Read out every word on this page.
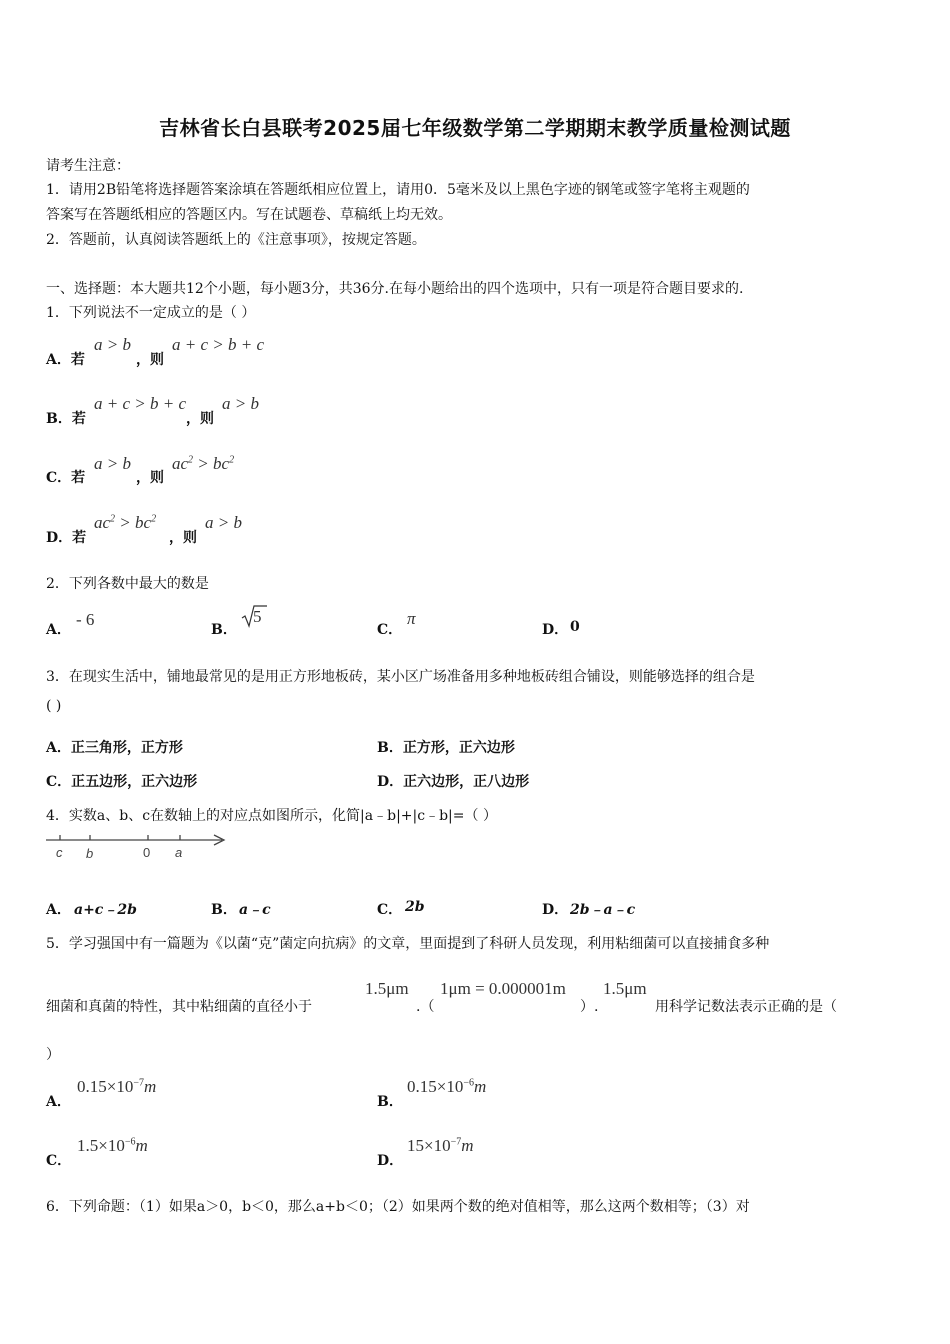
吉林省长白县联考2025届七年级数学第二学期期末教学质量检测试题
请考生注意：
1．请用2B铅笔将选择题答案涂填在答题纸相应位置上，请用0．5毫米及以上黑色字迹的钢笔或签字笔将主观题的
答案写在答题纸相应的答题区内。写在试题卷、草稿纸上均无效。
2．答题前，认真阅读答题纸上的《注意事项》，按规定答题。
一、选择题：本大题共12个小题，每小题3分，共36分.在每小题给出的四个选项中，只有一项是符合题目要求的.
1．下列说法不一定成立的是（ ）
A．若
a > b
，则
a + c > b + c
B．若
a + c > b + c
，则
a > b
C．若
a > b
，则
$ac^2 > bc^2$
D．若
$ac^2 > bc^2$
，则
a > b
2．下列各数中最大的数是
A．
- 6
B．
5
C．
π
D． 0
3．在现实生活中，铺地最常见的是用正方形地板砖，某小区广场准备用多种地板砖组合铺设，则能够选择的组合是
( )
A．正三角形，正方形	B．正方形，正六边形
C．正五边形，正六边形	D．正六边形，正八边形
4．实数a、b、c在数轴上的对应点如图所示，化简|a﹣b|+|c﹣b|=（ ）
c b	0 a
A． a+c﹣2b	B． a﹣c	C． 2b	D． 2b﹣a﹣c
5．学习强国中有一篇题为《以菌“克”菌定向抗病》的文章，里面提到了科研人员发现，利用粘细菌可以直接捕食多种
细菌和真菌的特性，其中粘细菌的直径小于
1.5μm
.（
1μm = 0.000001m
）.
1.5μm
用科学记数法表示正确的是（
）
A．
$0.15\times 10^{-7}m$
B．
$0.15\times 10^{-6}m$
C．
$1.5\times 10^{-6}m$
D．
$15\times 10^{-7}m$
6．下列命题：（1）如果a＞0，b＜0，那么a+b＜0；（2）如果两个数的绝对值相等，那么这两个数相等；（3）对
